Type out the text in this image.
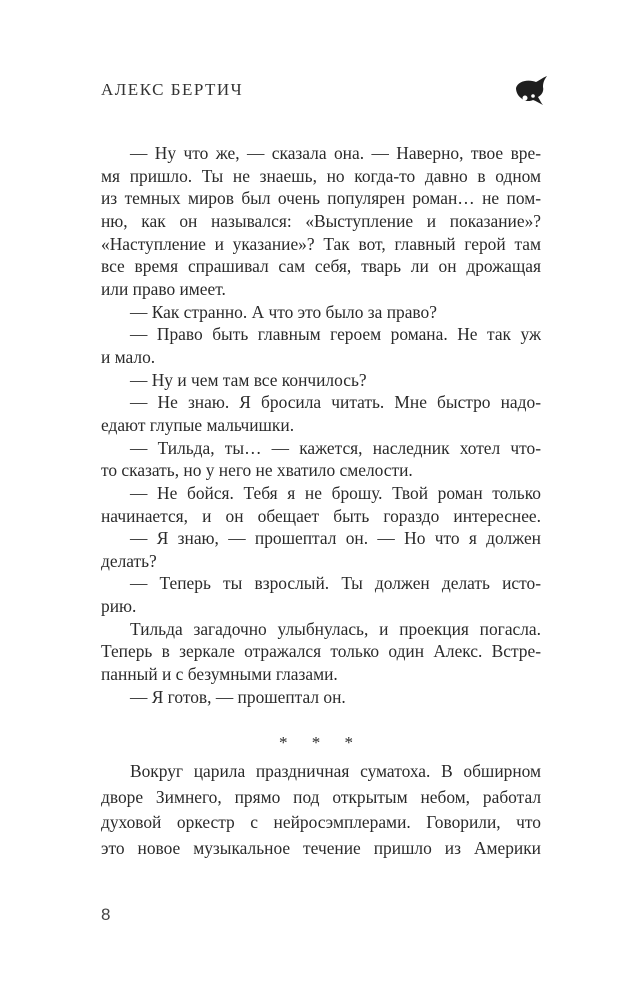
АЛЕКС БЕРТИЧ
— Ну что же, — сказала она. — Наверно, твое вре-
мя пришло. Ты не знаешь, но когда-то давно в одном
из темных миров был очень популярен роман… не пом-
ню, как он назывался: «Выступление и показание»?
«Наступление и указание»? Так вот, главный герой там
все время спрашивал сам себя, тварь ли он дрожащая
или право имеет.
— Как странно. А что это было за право?
— Право быть главным героем романа. Не так уж
и мало.
— Ну и чем там все кончилось?
— Не знаю. Я бросила читать. Мне быстро надо-
едают глупые мальчишки.
— Тильда, ты… — кажется, наследник хотел что-
то сказать, но у него не хватило смелости.
— Не бойся. Тебя я не брошу. Твой роман только
начинается, и он обещает быть гораздо интереснее.
— Я знаю, — прошептал он. — Но что я должен
делать?
— Теперь ты взрослый. Ты должен делать исто-
рию.
Тильда загадочно улыбнулась, и проекция погасла.
Теперь в зеркале отражался только один Алекс. Встре-
панный и с безумными глазами.
— Я готов, — прошептал он.
* * *
Вокруг царила праздничная суматоха. В обширном
дворе Зимнего, прямо под открытым небом, работал
духовой оркестр с нейросэмплерами. Говорили, что
это новое музыкальное течение пришло из Америки
8
